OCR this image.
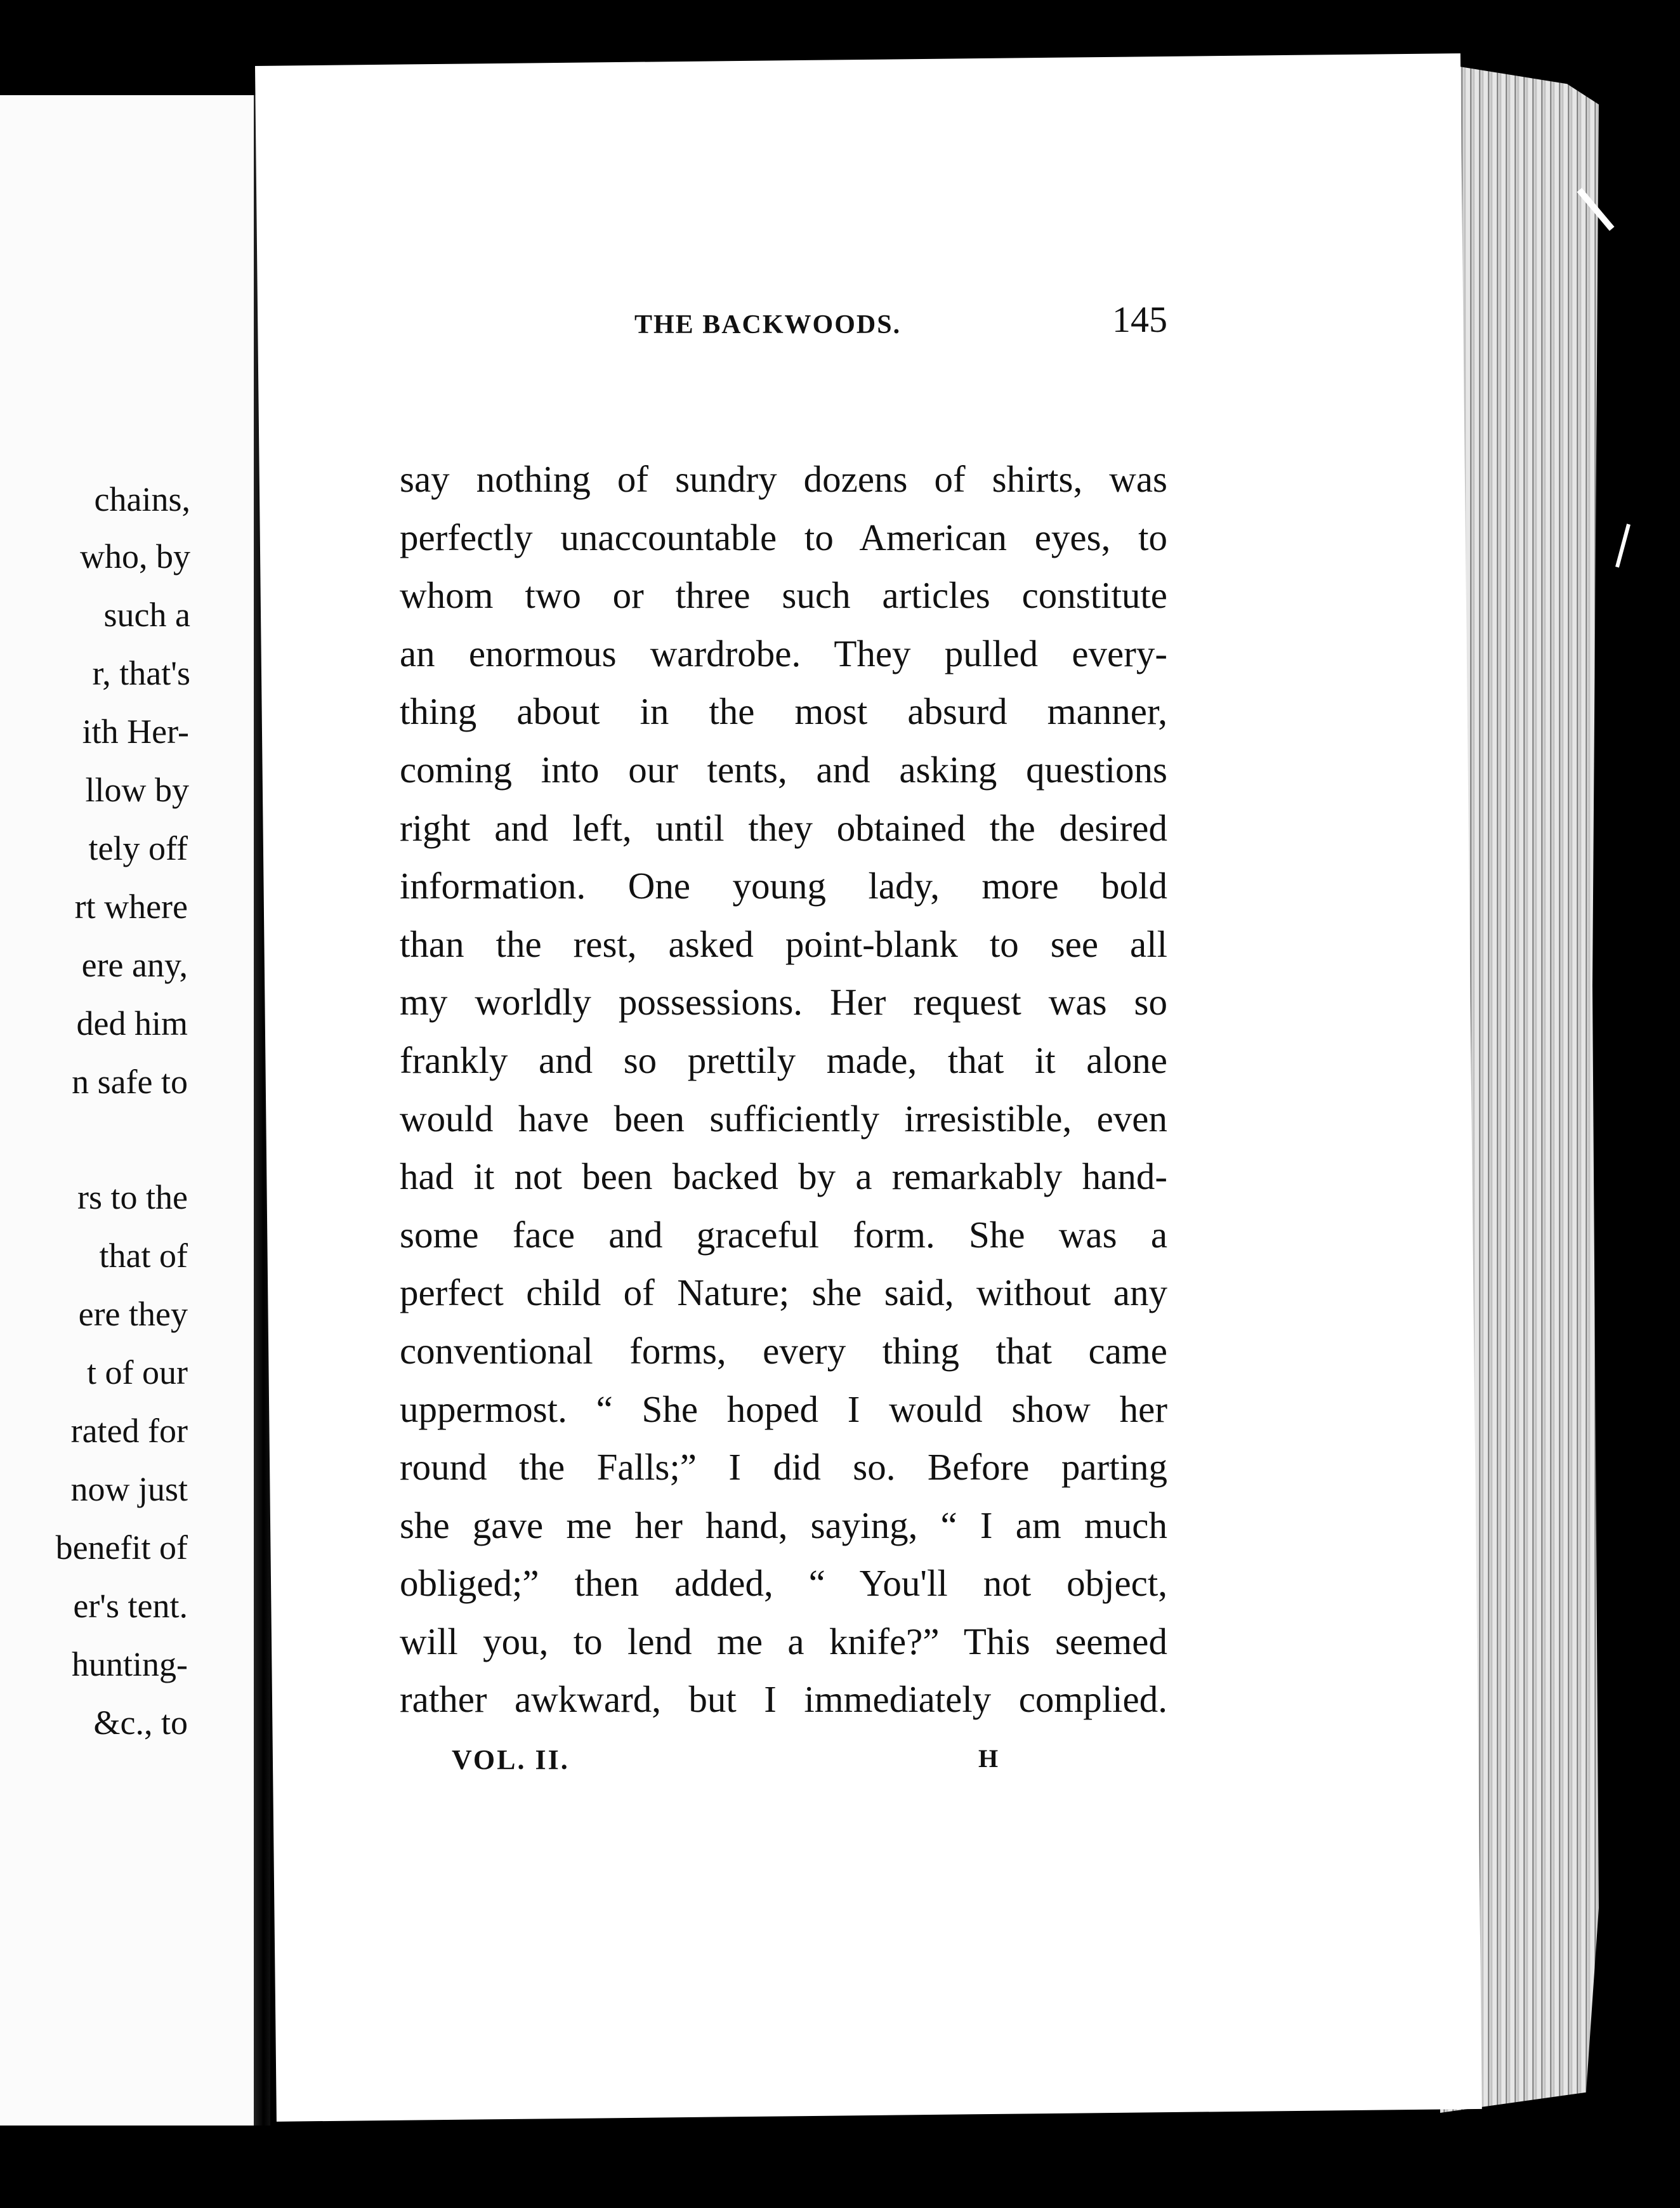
chains,
who, by
such a
r, that's
ith Her-
llow by
tely off
rt where
ere any,
ded him
n safe to
rs to the
that of
ere they
t of our
rated for
now just
benefit of
er's tent.
hunting-
&c., to
THE BACKWOODS.	145
say nothing of sundry dozens of shirts, was
perfectly unaccountable to American eyes, to
whom two or three such articles constitute
an enormous wardrobe. They pulled every-
thing about in the most absurd manner,
coming into our tents, and asking questions
right and left, until they obtained the desired
information. One young lady, more bold
than the rest, asked point-blank to see all
my worldly possessions. Her request was so
frankly and so prettily made, that it alone
would have been sufficiently irresistible, even
had it not been backed by a remarkably hand-
some face and graceful form. She was a
perfect child of Nature; she said, without any
conventional forms, every thing that came
uppermost. “ She hoped I would show her
round the Falls;” I did so. Before parting
she gave me her hand, saying, “ I am much
obliged;” then added, “ You'll not object,
will you, to lend me a knife?” This seemed
rather awkward, but I immediately complied.
VOL. II.	H
